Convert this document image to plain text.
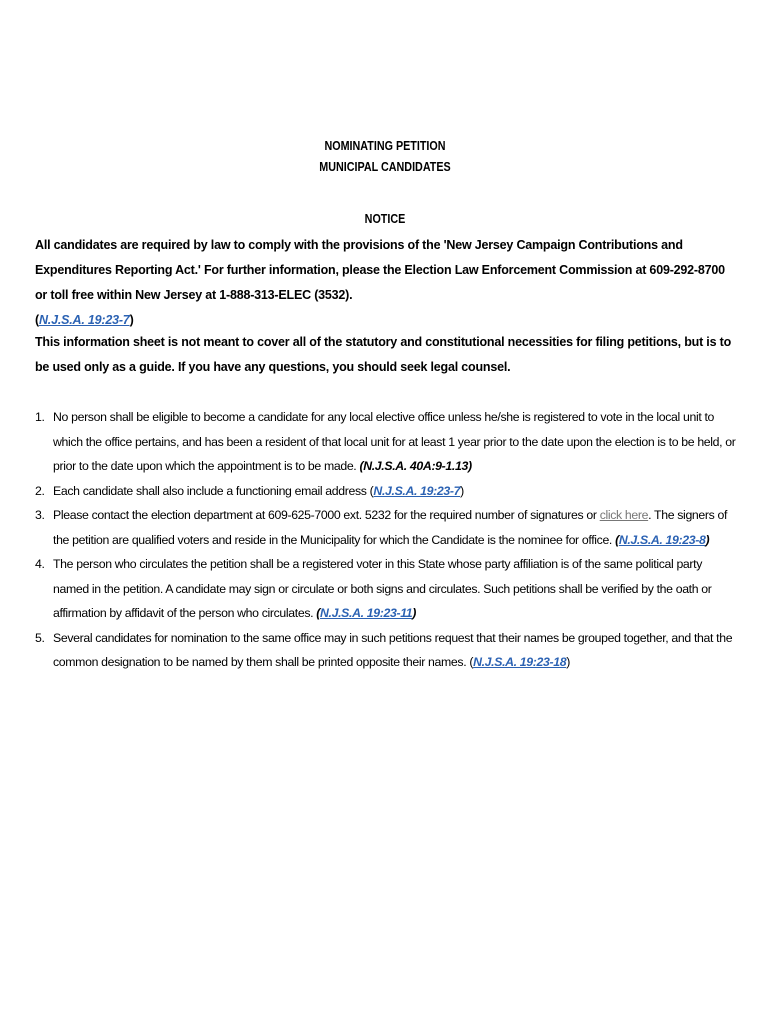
NOMINATING PETITION
MUNICIPAL CANDIDATES
NOTICE
All candidates are required by law to comply with the provisions of the 'New Jersey Campaign Contributions and Expenditures Reporting Act.' For further information, please the Election Law Enforcement Commission at 609-292-8700 or toll free within New Jersey at 1-888-313-ELEC (3532).
(N.J.S.A. 19:23-7)
This information sheet is not meant to cover all of the statutory and constitutional necessities for filing petitions, but is to be used only as a guide. If you have any questions, you should seek legal counsel.
1. No person shall be eligible to become a candidate for any local elective office unless he/she is registered to vote in the local unit to which the office pertains, and has been a resident of that local unit for at least 1 year prior to the date upon the election is to be held, or prior to the date upon which the appointment is to be made. (N.J.S.A. 40A:9-1.13)
2. Each candidate shall also include a functioning email address (N.J.S.A. 19:23-7)
3. Please contact the election department at 609-625-7000 ext. 5232 for the required number of signatures or click here. The signers of the petition are qualified voters and reside in the Municipality for which the Candidate is the nominee for office. (N.J.S.A. 19:23-8)
4. The person who circulates the petition shall be a registered voter in this State whose party affiliation is of the same political party named in the petition. A candidate may sign or circulate or both signs and circulates. Such petitions shall be verified by the oath or affirmation by affidavit of the person who circulates. (N.J.S.A. 19:23-11)
5. Several candidates for nomination to the same office may in such petitions request that their names be grouped together, and that the common designation to be named by them shall be printed opposite their names. (N.J.S.A. 19:23-18)
